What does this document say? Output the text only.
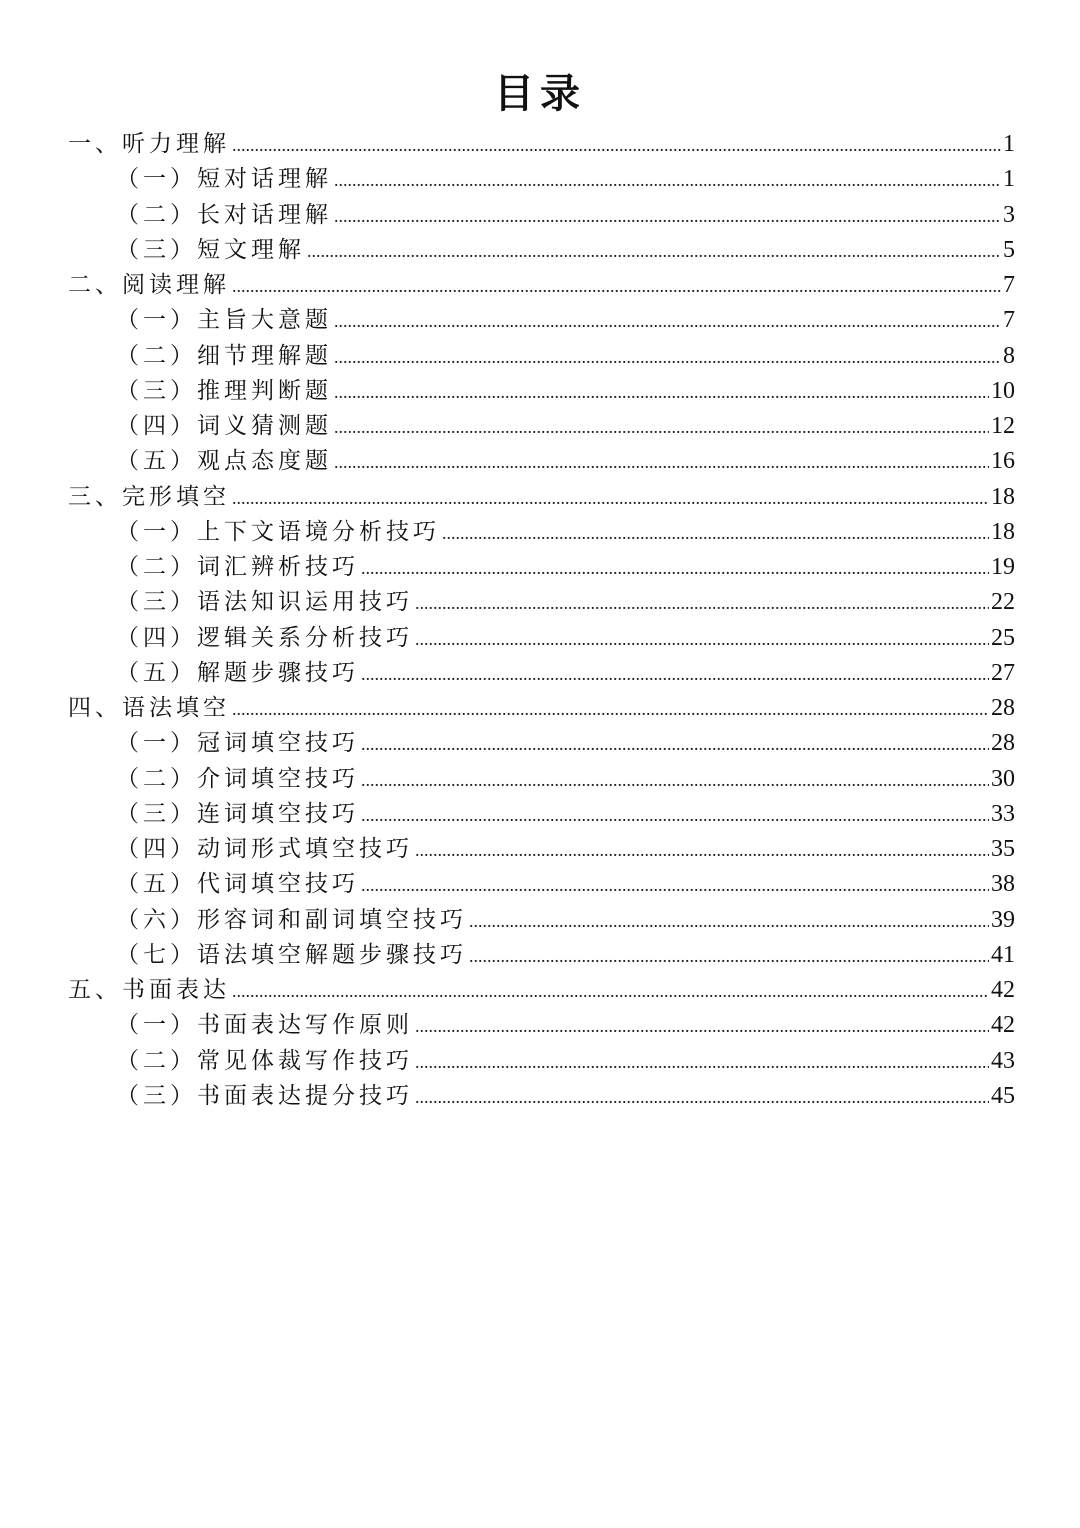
目录
一、听力理解 .....	1
（一）短对话理解 .....	1
（二）长对话理解 .....	3
（三）短文理解 .....	5
二、阅读理解 .....	7
（一）主旨大意题 .....	7
（二）细节理解题 .....	8
（三）推理判断题 .....	10
（四）词义猜测题 .....	12
（五）观点态度题 .....	16
三、完形填空 .....	18
（一）上下文语境分析技巧 .....	18
（二）词汇辨析技巧 .....	19
（三）语法知识运用技巧 .....	22
（四）逻辑关系分析技巧 .....	25
（五）解题步骤技巧 .....	27
四、语法填空 .....	28
（一）冠词填空技巧 .....	28
（二）介词填空技巧 .....	30
（三）连词填空技巧 .....	33
（四）动词形式填空技巧 .....	35
（五）代词填空技巧 .....	38
（六）形容词和副词填空技巧 .....	39
（七）语法填空解题步骤技巧 .....	41
五、书面表达 .....	42
（一）书面表达写作原则 .....	42
（二）常见体裁写作技巧 .....	43
（三）书面表达提分技巧 .....	45
